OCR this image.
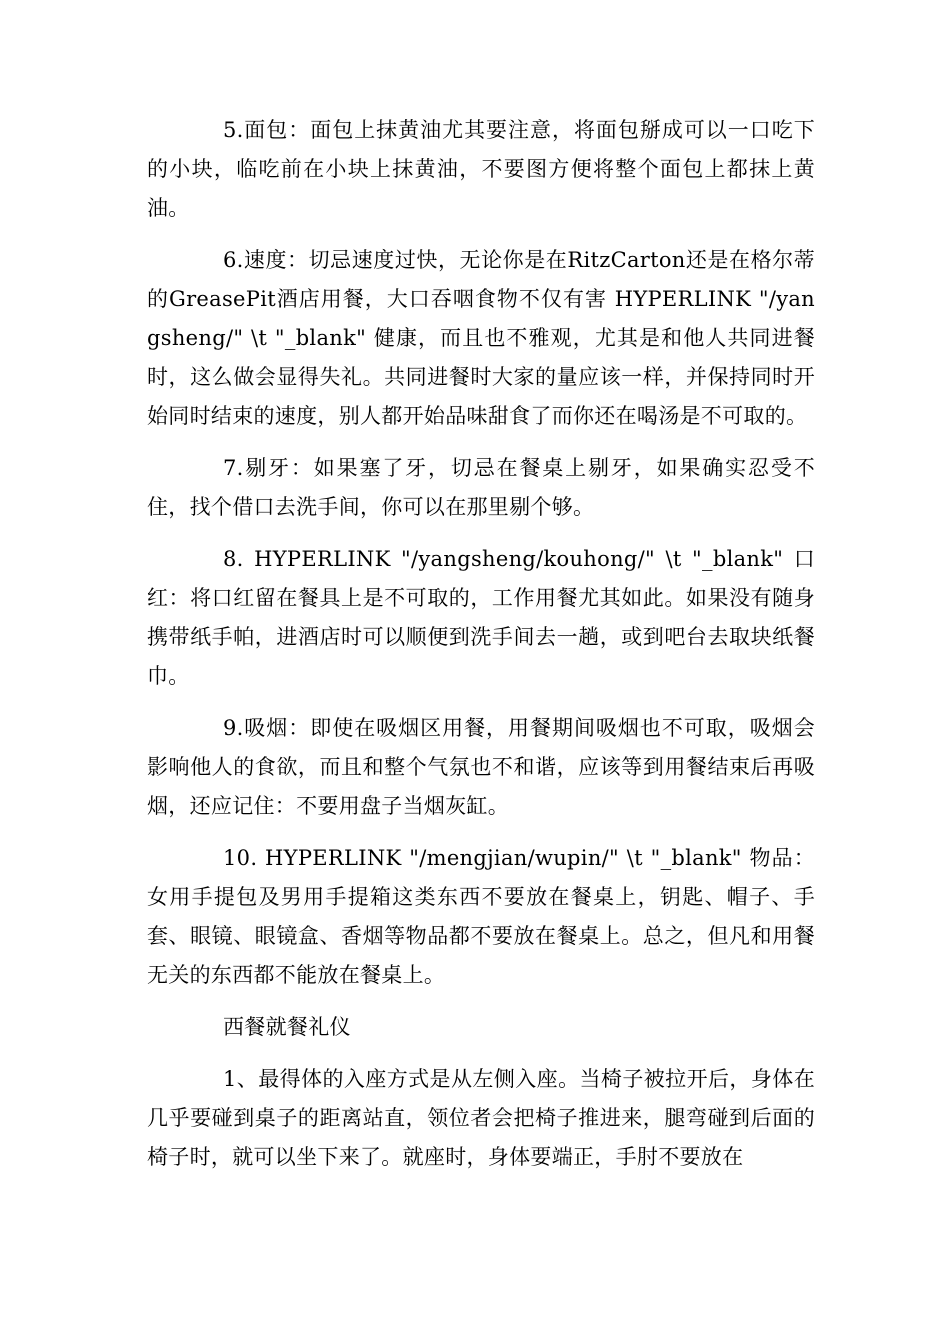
5.面包：面包上抹黄油尤其要注意，将面包掰成可以一口吃下的小块，临吃前在小块上抹黄油，不要图方便将整个面包上都抹上黄油。

6.速度：切忌速度过快，无论你是在RitzCarton还是在格尔蒂的GreasePit酒店用餐，大口吞咽食物不仅有害 HYPERLINK "/yangsheng/" \t "_blank" 健康，而且也不雅观，尤其是和他人共同进餐时，这么做会显得失礼。共同进餐时大家的量应该一样，并保持同时开始同时结束的速度，别人都开始品味甜食了而你还在喝汤是不可取的。

7.剔牙：如果塞了牙，切忌在餐桌上剔牙，如果确实忍受不住，找个借口去洗手间，你可以在那里剔个够。

8. HYPERLINK "/yangsheng/kouhong/" \t "_blank" 口红：将口红留在餐具上是不可取的，工作用餐尤其如此。如果没有随身携带纸手帕，进酒店时可以顺便到洗手间去一趟，或到吧台去取块纸餐巾。

9.吸烟：即使在吸烟区用餐，用餐期间吸烟也不可取，吸烟会影响他人的食欲，而且和整个气氛也不和谐，应该等到用餐结束后再吸烟，还应记住：不要用盘子当烟灰缸。

10. HYPERLINK "/mengjian/wupin/" \t "_blank" 物品：女用手提包及男用手提箱这类东西不要放在餐桌上，钥匙、帽子、手套、眼镜、眼镜盒、香烟等物品都不要放在餐桌上。总之，但凡和用餐无关的东西都不能放在餐桌上。

西餐就餐礼仪

1、最得体的入座方式是从左侧入座。当椅子被拉开后，身体在几乎要碰到桌子的距离站直，领位者会把椅子推进来，腿弯碰到后面的椅子时，就可以坐下来了。就座时，身体要端正，手肘不要放在
